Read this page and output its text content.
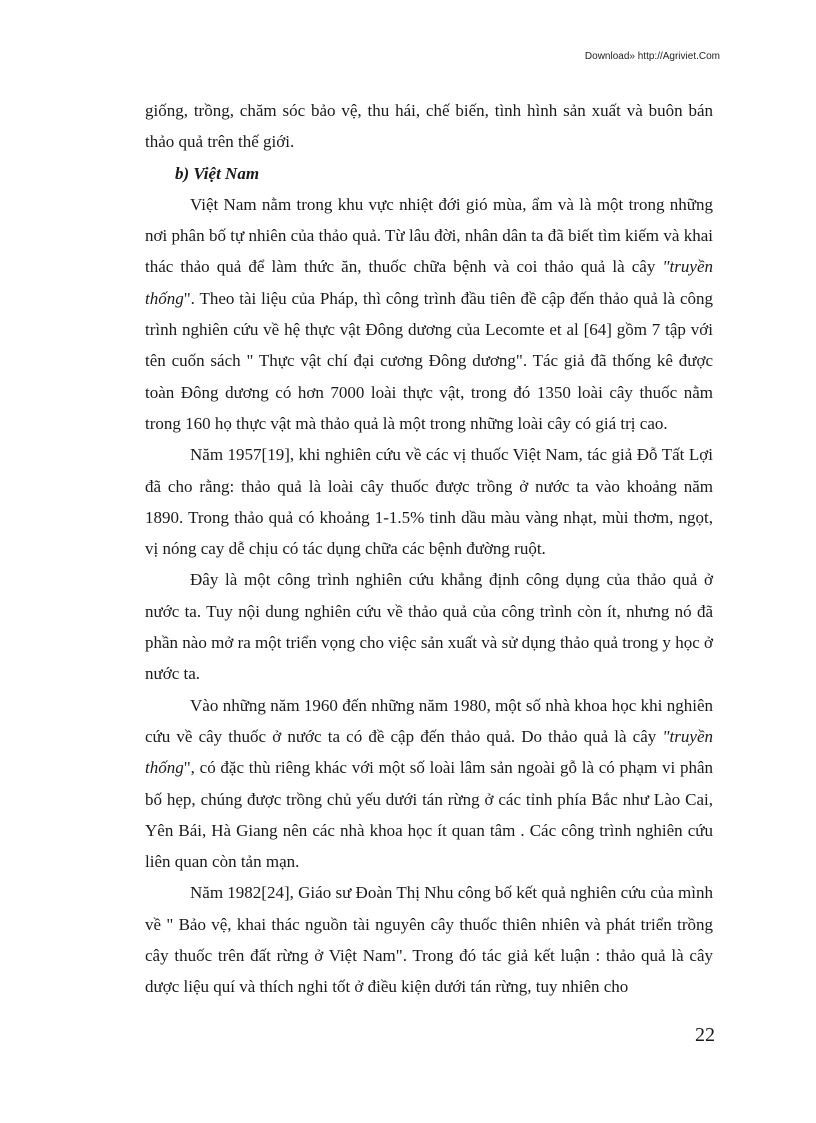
Download» http://Agriviet.Com

giống, trồng, chăm sóc bảo vệ, thu hái, chế biến, tình hình sản xuất và buôn bán thảo quả trên thế giới.

b) Việt Nam

Việt Nam nằm trong khu vực nhiệt đới gió mùa, ẩm và là một trong những nơi phân bố tự nhiên của thảo quả. Từ lâu đời, nhân dân ta đã biết tìm kiếm và khai thác thảo quả để làm thức ăn, thuốc chữa bệnh và coi thảo quả là cây "truyền thống". Theo tài liệu của Pháp, thì công trình đầu tiên đề cập đến thảo quả là công trình nghiên cứu về hệ thực vật Đông dương của Lecomte et al [64] gồm 7 tập với tên cuốn sách " Thực vật chí đại cương Đông dương". Tác giả đã thống kê được toàn Đông dương có hơn 7000 loài thực vật, trong đó 1350 loài cây thuốc nằm trong 160 họ thực vật mà thảo quả là một trong những loài cây có giá trị cao.

Năm 1957[19], khi nghiên cứu về các vị thuốc Việt Nam, tác giả Đỗ Tất Lợi đã cho rằng: thảo quả là loài cây thuốc được trồng ở nước ta vào khoảng năm 1890. Trong thảo quả có khoảng 1-1.5% tinh dầu màu vàng nhạt, mùi thơm, ngọt, vị nóng cay dễ chịu có tác dụng chữa các bệnh đường ruột.

Đây là một công trình nghiên cứu khẳng định công dụng của thảo quả ở nước ta. Tuy nội dung nghiên cứu về thảo quả của công trình còn ít, nhưng nó đã phần nào mở ra một triển vọng cho việc sản xuất và sử dụng thảo quả trong y học ở nước ta.

Vào những năm 1960 đến những năm 1980, một số nhà khoa học khi nghiên cứu về cây thuốc ở nước ta có đề cập đến thảo quả. Do thảo quả là cây "truyền thống", có đặc thù riêng khác với một số loài lâm sản ngoài gỗ là có phạm vi phân bố hẹp, chúng được trồng chủ yếu dưới tán rừng ở các tỉnh phía Bắc như Lào Cai, Yên Bái, Hà Giang nên các nhà khoa học ít quan tâm . Các công trình nghiên cứu liên quan còn tản mạn.

Năm 1982[24], Giáo sư Đoàn Thị Nhu công bố kết quả nghiên cứu của mình về " Bảo vệ, khai thác nguồn tài nguyên cây thuốc thiên nhiên và phát triển trồng cây thuốc trên đất rừng ở Việt Nam". Trong đó tác giả kết luận : thảo quả là cây dược liệu quí và thích nghi tốt ở điều kiện dưới tán rừng, tuy nhiên cho

22
